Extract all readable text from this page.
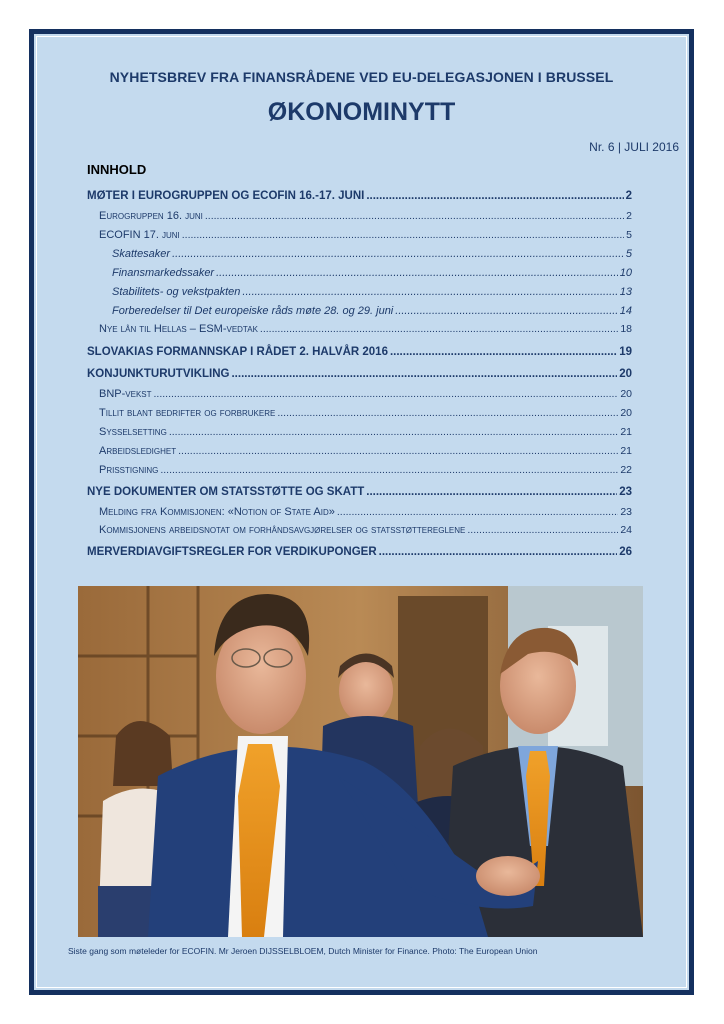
NYHETSBREV FRA FINANSRÅDENE VED EU-DELEGASJONEN I BRUSSEL
ØKONOMINYTT
Nr. 6 | JULI 2016
INNHOLD
MØTER I EUROGRUPPEN OG ECOFIN 16.-17. JUNI .....	2
Eurogruppen 16. juni .....	2
ECOFIN 17. juni .....	5
Skattesaker .....	5
Finansmarkedssaker .....	10
Stabilitets- og vekstpakten .....	13
Forberedelser til Det europeiske råds møte 28. og 29. juni .....	14
Nye lån til Hellas – ESM-vedtak .....	18
SLOVAKIAS FORMANNSKAP I RÅDET 2. HALVÅR 2016 .....	19
KONJUNKTURUTVIKLING .....	20
BNP-vekst .....	20
Tillit blant bedrifter og forbrukere .....	20
Sysselsetting .....	21
Arbeidsledighet .....	21
Prisstigning .....	22
NYE DOKUMENTER OM STATSSTØTTE OG SKATT .....	23
Melding fra Kommisjonen: «Notion of State Aid» .....	23
Kommisjonens arbeidsnotat om forhåndsavgjørelser og statsstøttereglene .....	24
MERVERDIAVGIFTSREGLER FOR VERDIKUPONGER .....	26
Siste gang som møteleder for ECOFIN. Mr Jeroen DIJSSELBLOEM, Dutch Minister for Finance. Photo: The European Union
